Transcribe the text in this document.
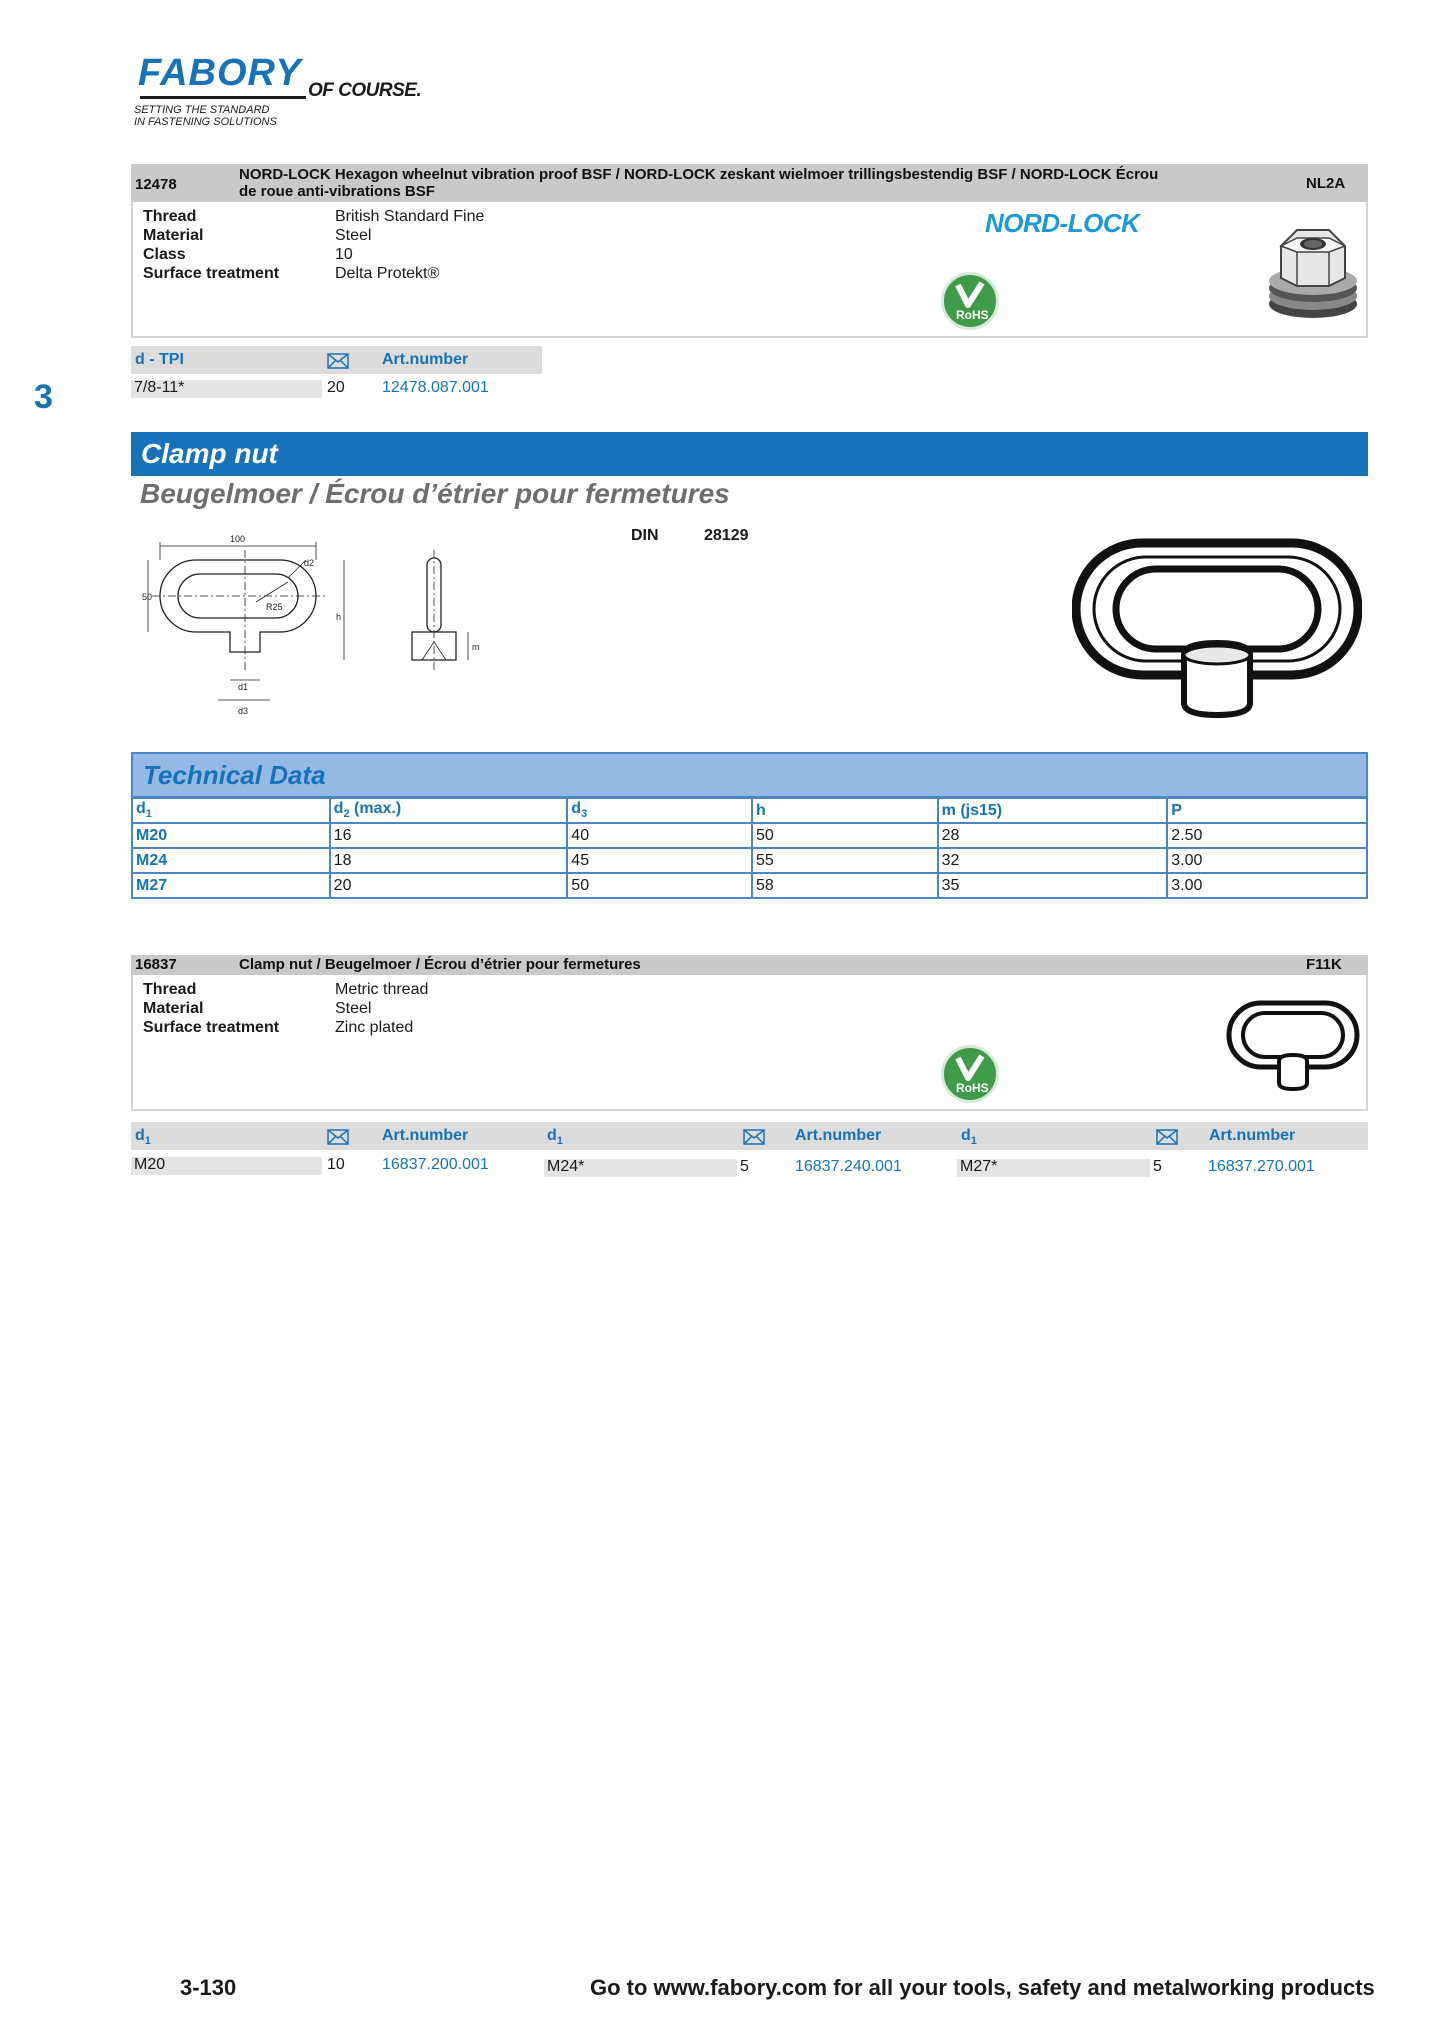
FABORY OF COURSE.
SETTING THE STANDARD
IN FASTENING SOLUTIONS
3
12478
NORD-LOCK Hexagon wheelnut vibration proof BSF / NORD-LOCK zeskant wielmoer trillingsbestendig BSF / NORD-LOCK Écrou
de roue anti-vibrations BSF	NL2A
Thread	British Standard Fine
Material	Steel
Class	10
Surface treatment	Delta Protekt®
NORD-LOCK
RoHS
d - TPI	Art.number
7/8-11*	20 12478.087.001
Clamp nut
Beugelmoer / Écrou d’étrier pour fermetures
DIN	28129
100
50
R25
d2
h
m
d1
d3
Technical Data
$d_1$	$d_2$ (max.)	$d_3$	h	m (js15)	P
M20	16	40	50	28	2.50
M24	18	45	55	32	3.00
M27	20	50	58	35	3.00
16837	Clamp nut / Beugelmoer / Écrou d’étrier pour fermetures	F11K
Thread	Metric thread
Material	Steel
Surface treatment	Zinc plated
RoHS
$d_1$	Art.number	$d_1$	Art.number	$d_1$	Art.number
M20	10 16837.200.001	M24*	5	16837.240.001	M27*	5	16837.270.001
3-130	Go to www.fabory.com for all your tools, safety and metalworking products
